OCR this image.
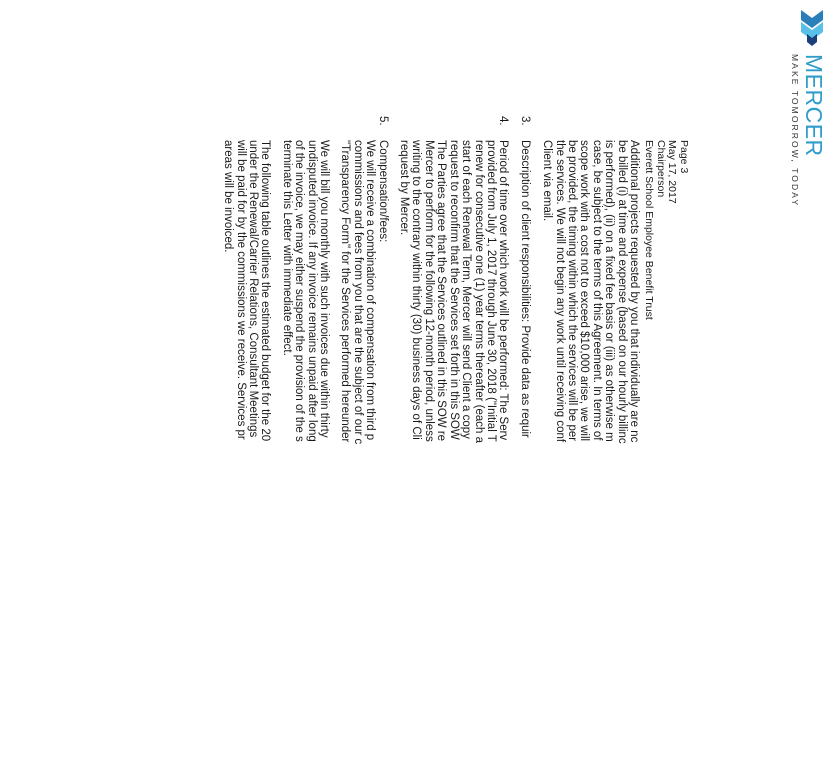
MERCER
MAKE TOMORROW, TODAY
Page 3
May 17, 2017
Chairperson
Everett School Employee Benefit Trust
Additional projects requested by you that individually are nc
be billed (i) at time and expense (based on our hourly billinc
is performed), (ii) on a fixed fee basis or (iii) as otherwise m
case, be subject to the terms of this Agreement. In terms of
scope work with a cost not to exceed $10,000 arise, we will
be provided, the timing within which the services will be per
the services. We will not begin any work until receiving conf
Client via email.
3.
Description of client responsibilities: Provide data as requir
4.
Period of time over which work will be performed: The Serv
provided from July 1, 2017 through June 30, 2018 ("Initial T
renew for consecutive one (1) year terms thereafter (each a
start of each Renewal Term, Mercer will send Client a copy
request to reconfirm that the Services set forth in this SOW
The Parties agree that the Services outlined in this SOW re
Mercer to perform for the following 12-month period, unless
writing to the contrary within thirty (30) business days of Cli
request by Mercer.
5.
Compensation/fees:
We will receive a combination of compensation from third p
commissions and fees from you that are the subject of our c
"Transparency Form" for the Services performed hereunder
We will bill you monthly with such invoices due within thirty
undisputed invoice. If any invoice remains unpaid after long
of the invoice, we may either suspend the provision of the s
terminate this Letter with immediate effect.
The following table outlines the estimated budget for the 20
under the Renewal/Carrier Relations, Consultant Meetings
will be paid for by the commissions we receive. Services pr
areas will be invoiced.
